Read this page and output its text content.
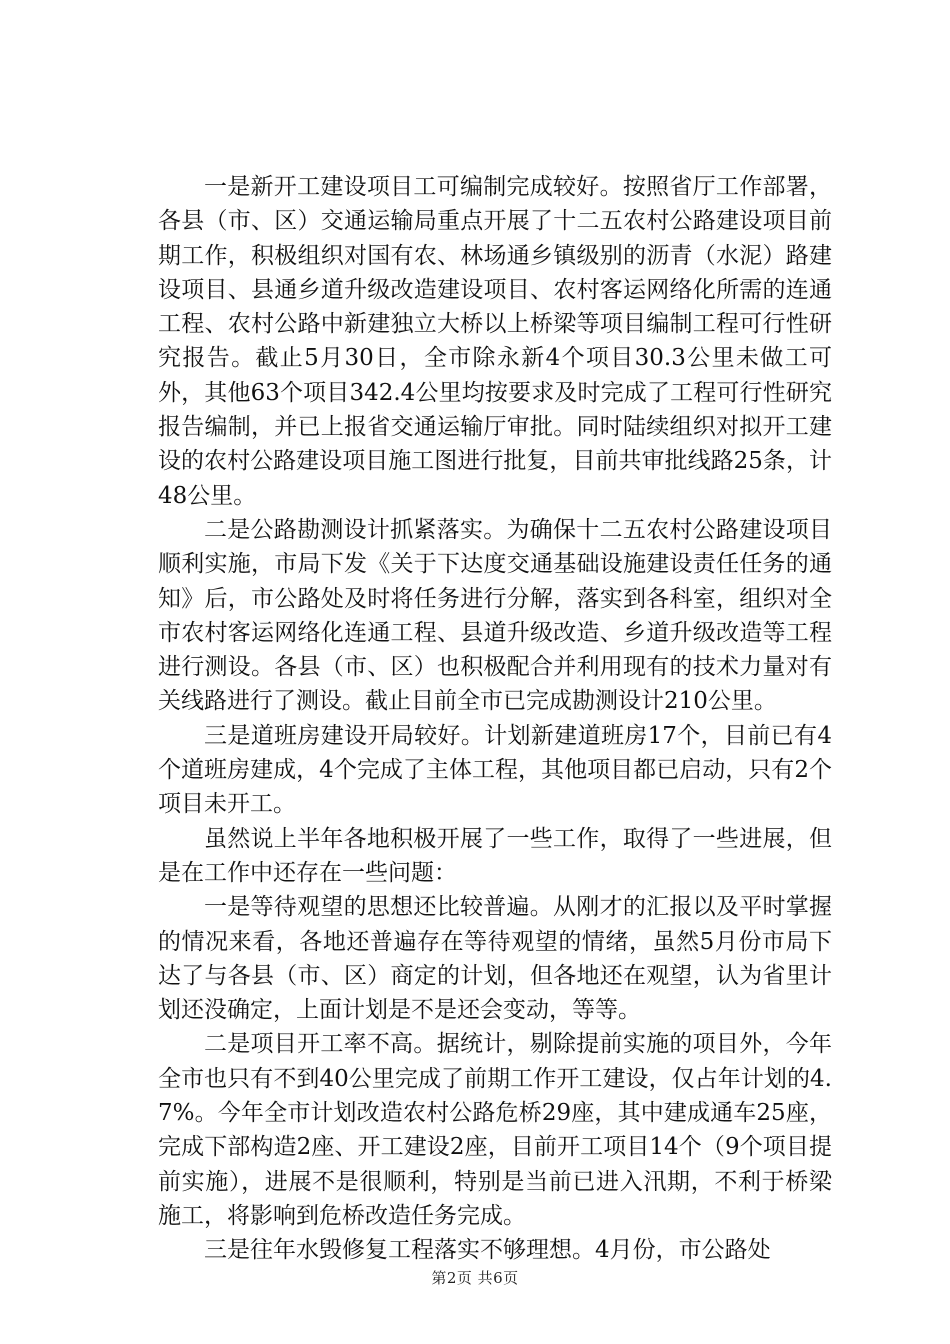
一是新开工建设项目工可编制完成较好。按照省厅工作部署，各县（市、区）交通运输局重点开展了十二五农村公路建设项目前期工作，积极组织对国有农、林场通乡镇级别的沥青（水泥）路建设项目、县通乡道升级改造建设项目、农村客运网络化所需的连通工程、农村公路中新建独立大桥以上桥梁等项目编制工程可行性研究报告。截止5月30日，全市除永新4个项目30.3公里未做工可外，其他63个项目342.4公里均按要求及时完成了工程可行性研究报告编制，并已上报省交通运输厅审批。同时陆续组织对拟开工建设的农村公路建设项目施工图进行批复，目前共审批线路25条，计48公里。

二是公路勘测设计抓紧落实。为确保十二五农村公路建设项目顺利实施，市局下发《关于下达度交通基础设施建设责任任务的通知》后，市公路处及时将任务进行分解，落实到各科室，组织对全市农村客运网络化连通工程、县道升级改造、乡道升级改造等工程进行测设。各县（市、区）也积极配合并利用现有的技术力量对有关线路进行了测设。截止目前全市已完成勘测设计210公里。

三是道班房建设开局较好。计划新建道班房17个，目前已有4个道班房建成，4个完成了主体工程，其他项目都已启动，只有2个项目未开工。

虽然说上半年各地积极开展了一些工作，取得了一些进展，但是在工作中还存在一些问题：

一是等待观望的思想还比较普遍。从刚才的汇报以及平时掌握的情况来看，各地还普遍存在等待观望的情绪，虽然5月份市局下达了与各县（市、区）商定的计划，但各地还在观望，认为省里计划还没确定，上面计划是不是还会变动，等等。

二是项目开工率不高。据统计，剔除提前实施的项目外，今年全市也只有不到40公里完成了前期工作开工建设，仅占年计划的4.7%。今年全市计划改造农村公路危桥29座，其中建成通车25座，完成下部构造2座、开工建设2座，目前开工项目14个（9个项目提前实施），进展不是很顺利，特别是当前已进入汛期，不利于桥梁施工，将影响到危桥改造任务完成。

三是往年水毁修复工程落实不够理想。4月份，市公路处

第2页 共6页
